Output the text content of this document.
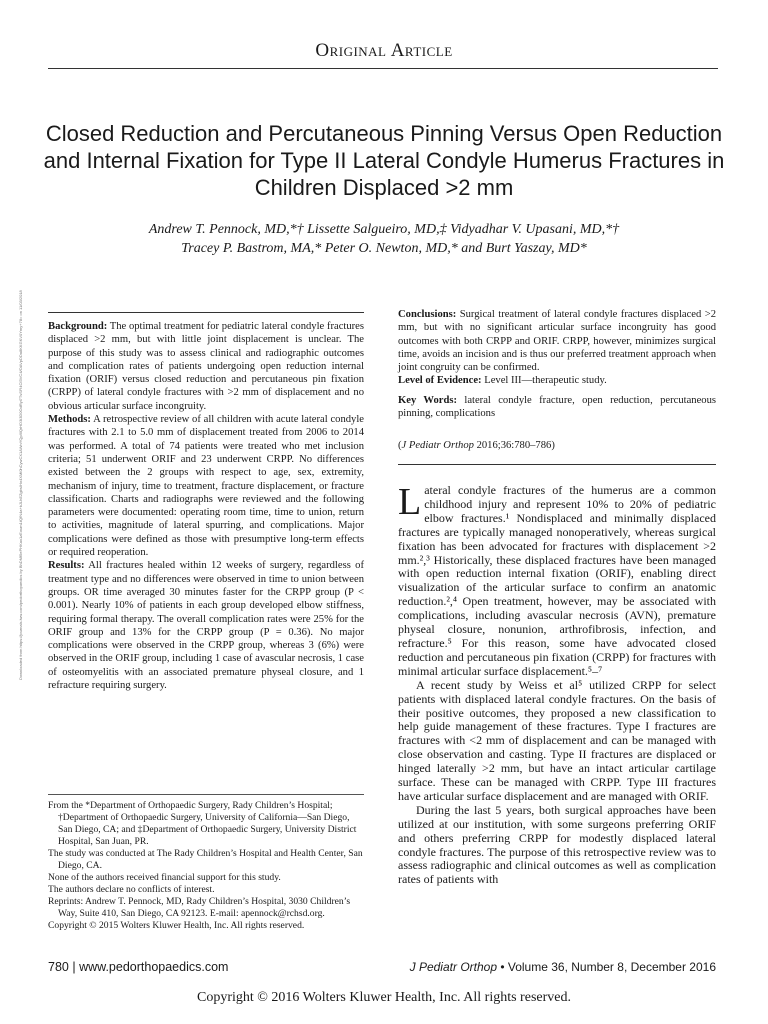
Original Article
Closed Reduction and Percutaneous Pinning Versus Open Reduction and Internal Fixation for Type II Lateral Condyle Humerus Fractures in Children Displaced >2 mm
Andrew T. Pennock, MD,*† Lissette Salgueiro, MD,‡ Vidyadhar V. Upasani, MD,*†
Tracey P. Bastrom, MA,* Peter O. Newton, MD,* and Burt Yaszay, MD*
Downloaded from https://journals.lww.com/pedorthopaedics by BhDMf5ePHKav1zEoum1tQfN4a+kJLhEZgbsIHo4XMi0hCywCX1AWnYQp/IlQrHD3i3D0OdRyi7TvSFl4Cf3VC4/OAVpDDa8KKGKV0Ymy+78= on 11/03/2018 Background: The optimal treatment for pediatric lateral condyle fractures displaced >2 mm, but with little joint displacement is unclear. The purpose of this study was to assess clinical and radiographic outcomes and complication rates of patients undergoing open reduction internal fixation (ORIF) versus closed reduction and percutaneous pin fixation (CRPP) of lateral condyle fractures with >2 mm of displacement and no obvious articular surface incongruity.

Methods: A retrospective review of all children with acute lateral condyle fractures with 2.1 to 5.0 mm of displacement treated from 2006 to 2014 was performed. A total of 74 patients were treated who met inclusion criteria; 51 underwent ORIF and 23 underwent CRPP. No differences existed between the 2 groups with respect to age, sex, extremity, mechanism of injury, time to treatment, fracture displacement, or fracture classification. Charts and radiographs were reviewed and the following parameters were documented: operating room time, time to union, return to activities, magnitude of lateral spurring, and complications. Major complications were defined as those with presumptive long-term effects or required reoperation.

Results: All fractures healed within 12 weeks of surgery, regardless of treatment type and no differences were observed in time to union between groups. OR time averaged 30 minutes faster for the CRPP group (P < 0.001). Nearly 10% of patients in each group developed elbow stiffness, requiring formal therapy. The overall complication rates were 25% for the ORIF group and 13% for the CRPP group (P = 0.36). No major complications were observed in the CRPP group, whereas 3 (6%) were observed in the ORIF group, including 1 case of avascular necrosis, 1 case of osteomyelitis with an associated premature physeal closure, and 1 refracture requiring surgery.

From the *Department of Orthopaedic Surgery, Rady Children’s Hospital; †Department of Orthopaedic Surgery, University of California—San Diego, San Diego, CA; and ‡Department of Orthopaedic Surgery, University District Hospital, San Juan, PR.

The study was conducted at The Rady Children’s Hospital and Health Center, San Diego, CA.

None of the authors received financial support for this study.

The authors declare no conflicts of interest.

Reprints: Andrew T. Pennock, MD, Rady Children’s Hospital, 3030 Children’s Way, Suite 410, San Diego, CA 92123. E-mail: apennock@rchsd.org.

Copyright © 2015 Wolters Kluwer Health, Inc. All rights reserved.

Conclusions: Surgical treatment of lateral condyle fractures displaced >2 mm, but with no significant articular surface incongruity has good outcomes with both CRPP and ORIF. CRPP, however, minimizes surgical time, avoids an incision and is thus our preferred treatment approach when joint congruity can be confirmed.

Level of Evidence: Level III—therapeutic study.

Key Words: lateral condyle fracture, open reduction, percutaneous pinning, complications

(J Pediatr Orthop 2016;36:780–786)

Lateral condyle fractures of the humerus are a common childhood injury and represent 10% to 20% of pediatric elbow fractures.¹ Nondisplaced and minimally displaced fractures are typically managed nonoperatively, whereas surgical fixation has been advocated for fractures with displacement >2 mm.²,³ Historically, these displaced fractures have been managed with open reduction internal fixation (ORIF), enabling direct visualization of the articular surface to confirm an anatomic reduction.²,⁴ Open treatment, however, may be associated with complications, including avascular necrosis (AVN), premature physeal closure, nonunion, arthrofibrosis, infection, and refracture.⁵ For this reason, some have advocated closed reduction and percutaneous pin fixation (CRPP) for fractures with minimal articular surface displacement.⁵–⁷

A recent study by Weiss et al⁵ utilized CRPP for select patients with displaced lateral condyle fractures. On the basis of their positive outcomes, they proposed a new classification to help guide management of these fractures. Type I fractures are fractures with <2 mm of displacement and can be managed with close observation and casting. Type II fractures are displaced or hinged laterally >2 mm, but have an intact articular cartilage surface. These can be managed with CRPP. Type III fractures have articular surface displacement and are managed with ORIF.

During the last 5 years, both surgical approaches have been utilized at our institution, with some surgeons preferring ORIF and others preferring CRPP for modestly displaced lateral condyle fractures. The purpose of this retrospective review was to assess radiographic and clinical outcomes as well as complication rates of patients with

780 | www.pedorthopaedics.com	J Pediatr Orthop • Volume 36, Number 8, December 2016
Copyright © 2016 Wolters Kluwer Health, Inc. All rights reserved.
